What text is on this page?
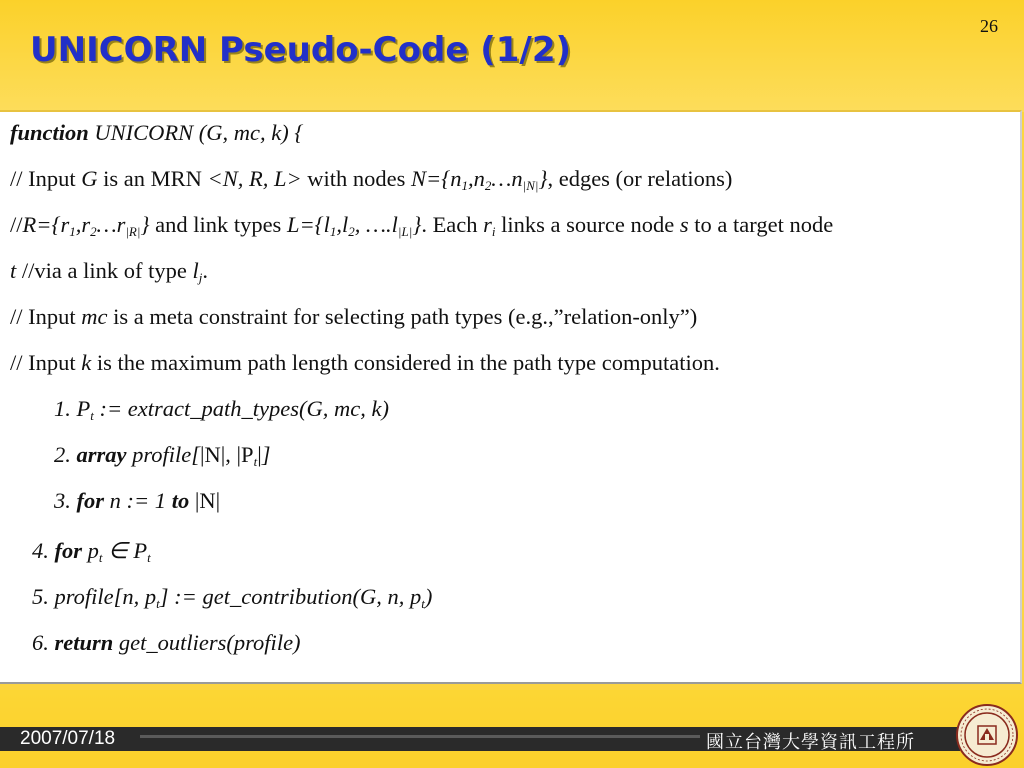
26
UNICORN Pseudo-Code (1/2)
function UNICORN (G, mc, k) {
// Input G is an MRN <N, R, L> with nodes $N=\{n_1,n_2\dots n_{|N|}\}$, edges (or relations)
$//R=\{r_1,r_2\dots r_{|R|}\}$ and link types $L=\{l_1,l_2$, $\dots.l_{|L|}$}. Each $r_i$ links a source node s to a target node
t //via a link of type $l_j$.
// Input mc is a meta constraint for selecting path types (e.g.,”relation-only”)
// Input k is the maximum path length considered in the path type computation.
1. $P_t$ := extract_path_types(G, mc, k)
2. array profile[|N|, $|P_t|$]
3. for n := 1 to |N|
4. for $p_t$ ∈ $P_t$
5. profile[n, $p_t$] := get_contribution(G, n, $p_t$)
6. return get_outliers(profile)
2007/07/18	國立台灣大學資訊工程所
